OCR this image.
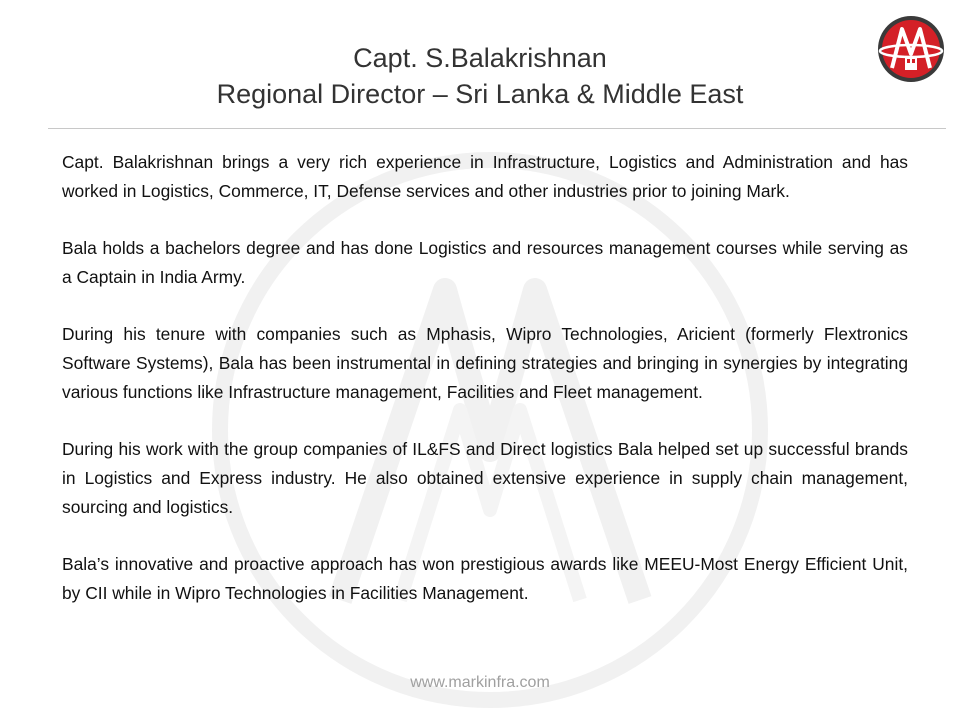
Capt. S.Balakrishnan
Regional Director – Sri Lanka & Middle East

Capt. Balakrishnan brings a very rich experience in Infrastructure, Logistics and Administration and has worked in Logistics, Commerce, IT, Defense services and other industries prior to joining Mark.

Bala holds a bachelors degree and has done Logistics and resources management courses while serving as a Captain in India Army.

During his tenure with companies such as Mphasis, Wipro Technologies, Aricient (formerly Flextronics Software Systems), Bala has been instrumental in defining strategies and bringing in synergies by integrating various functions like Infrastructure management, Facilities and Fleet management.

During his work with the group companies of IL&FS and Direct logistics Bala helped set up successful brands in Logistics and Express industry. He also obtained extensive experience in supply chain management, sourcing and logistics.

Bala’s innovative and proactive approach has won prestigious awards like MEEU-Most Energy Efficient Unit, by CII while in Wipro Technologies in Facilities Management.

www.markinfra.com
